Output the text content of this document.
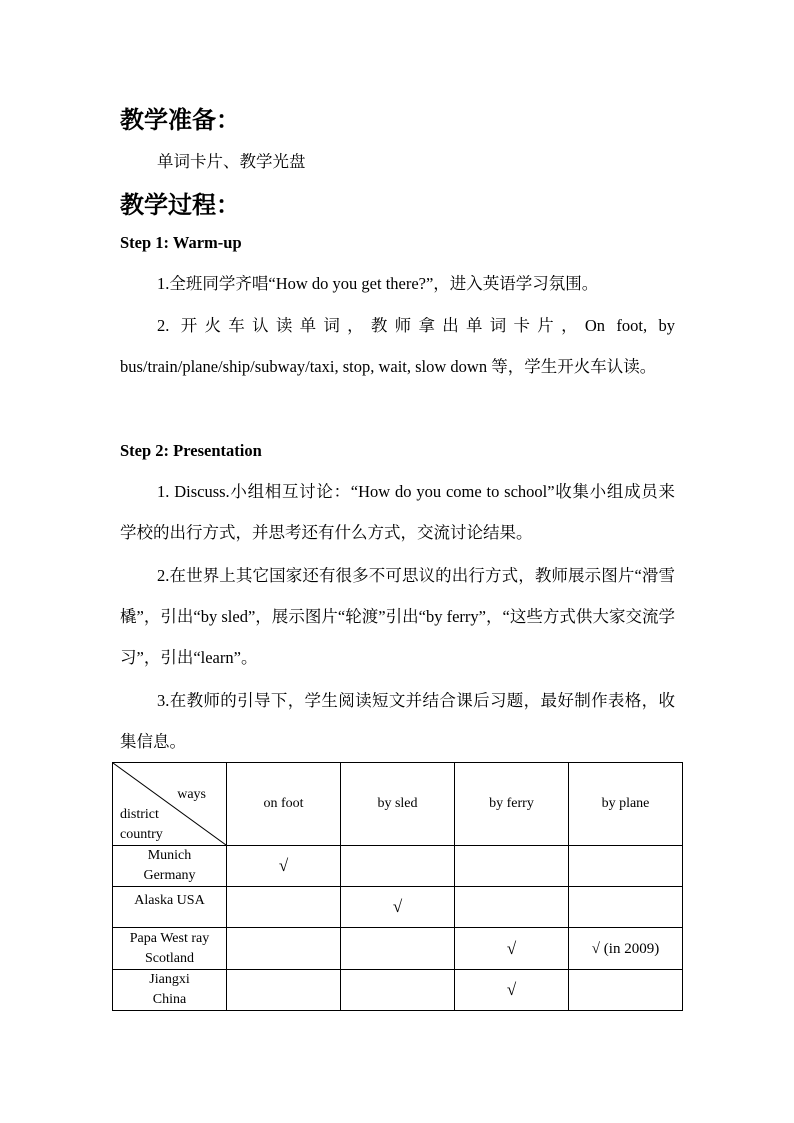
教学准备：
单词卡片、教学光盘
教学过程：
Step 1: Warm-up
1.全班同学齐唱“How do you get there?”，进入英语学习氛围。
2. 开火车认读单词，教师拿出单词卡片，On foot, by bus/train/plane/ship/subway/taxi, stop, wait, slow down 等，学生开火车认读。
Step 2: Presentation
1. Discuss.小组相互讨论：“How do you come to school”收集小组成员来学校的出行方式，并思考还有什么方式，交流讨论结果。
2.在世界上其它国家还有很多不可思议的出行方式，教师展示图片“滑雪橇”，引出“by sled”，展示图片“轮渡”引出“by ferry”，“这些方式供大家交流学习”，引出“learn”。
3.在教师的引导下，学生阅读短文并结合课后习题，最好制作表格，收集信息。
ways
district
country	on foot	by sled	by ferry	by plane

Munich
Germany	√			

Alaska USA		√		

Papa West ray
Scotland			√	√ (in 2009)

Jiangxi
China			√	
